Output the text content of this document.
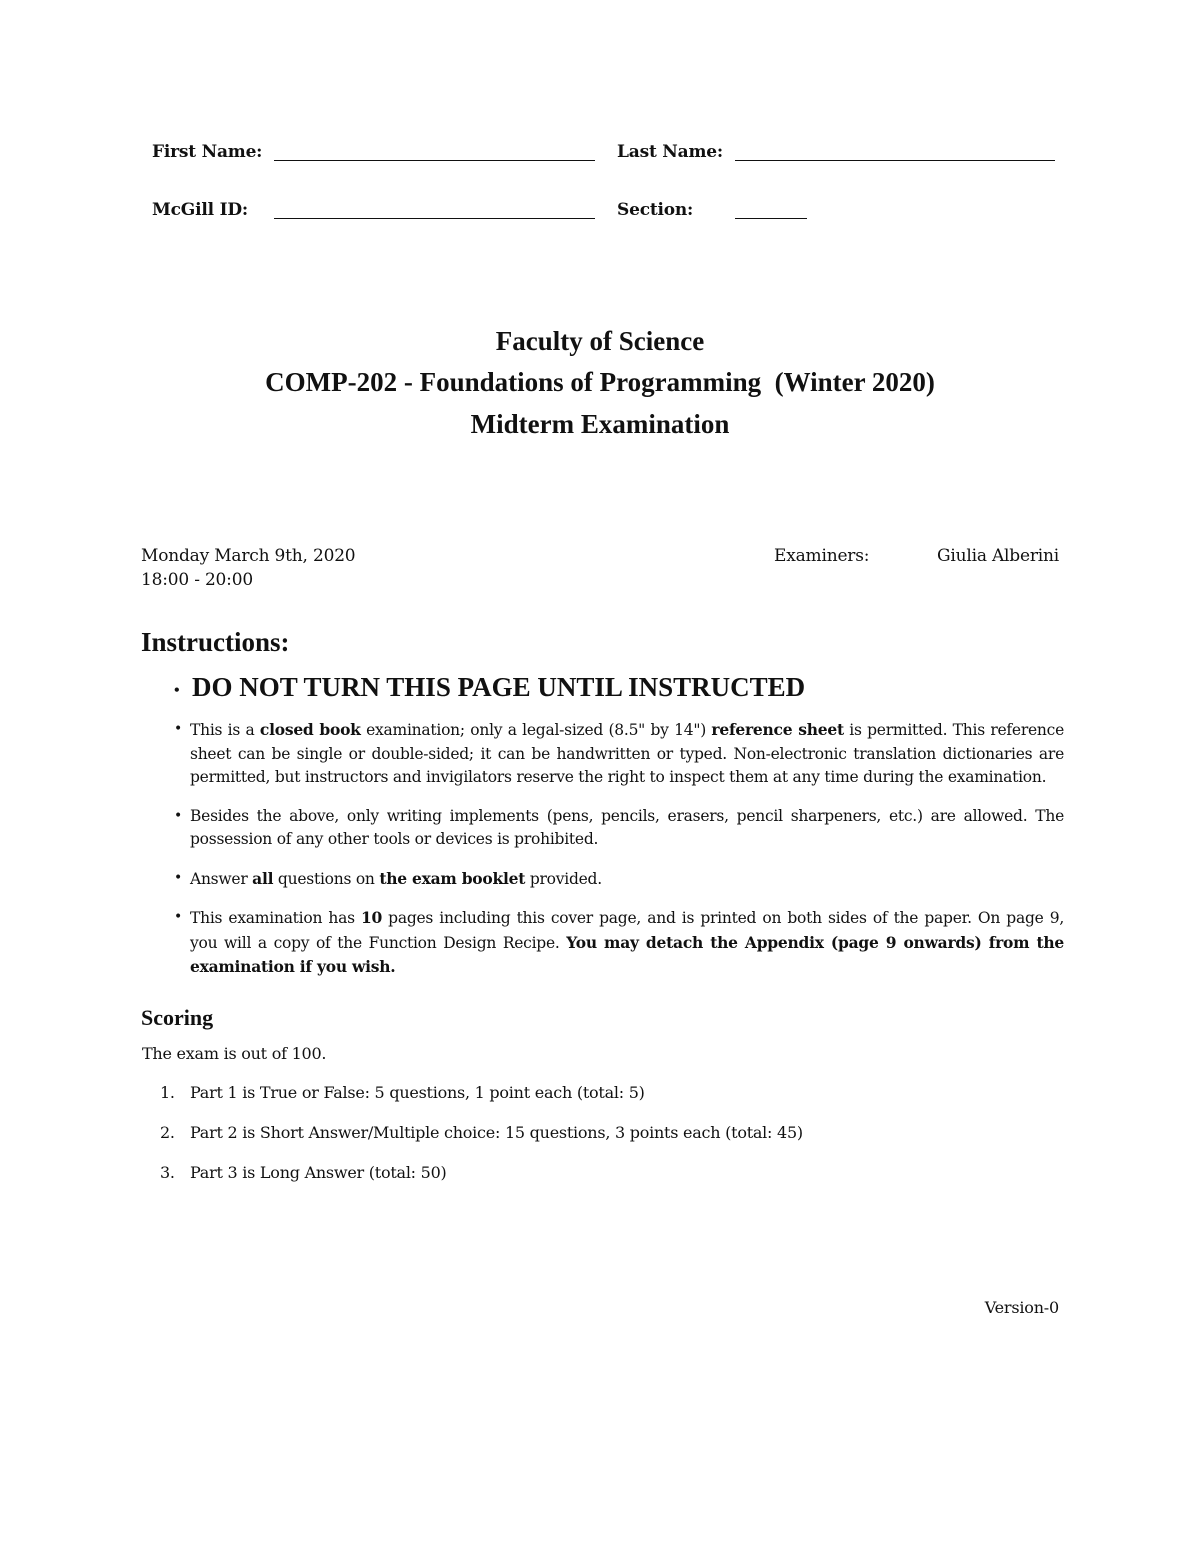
First Name:	Last Name:
McGill ID:	Section:
Faculty of Science
COMP-202 - Foundations of Programming  (Winter 2020)
Midterm Examination
Monday March 9th, 2020
18:00 - 20:00
Examiners:	Giulia Alberini
Instructions:
• DO NOT TURN THIS PAGE UNTIL INSTRUCTED
• This is a closed book examination; only a legal-sized (8.5" by 14") reference sheet is permitted. This reference sheet can be single or double-sided; it can be handwritten or typed. Non-electronic translation dictionaries are permitted, but instructors and invigilators reserve the right to inspect them at any time during the examination.
• Besides the above, only writing implements (pens, pencils, erasers, pencil sharpeners, etc.) are allowed. The possession of any other tools or devices is prohibited.
• Answer all questions on the exam booklet provided.
• This examination has 10 pages including this cover page, and is printed on both sides of the paper. On page 9, you will a copy of the Function Design Recipe. You may detach the Appendix (page 9 onwards) from the examination if you wish.
Scoring
The exam is out of 100.
1. Part 1 is True or False: 5 questions, 1 point each (total: 5)
2. Part 2 is Short Answer/Multiple choice: 15 questions, 3 points each (total: 45)
3. Part 3 is Long Answer (total: 50)
Version-0
